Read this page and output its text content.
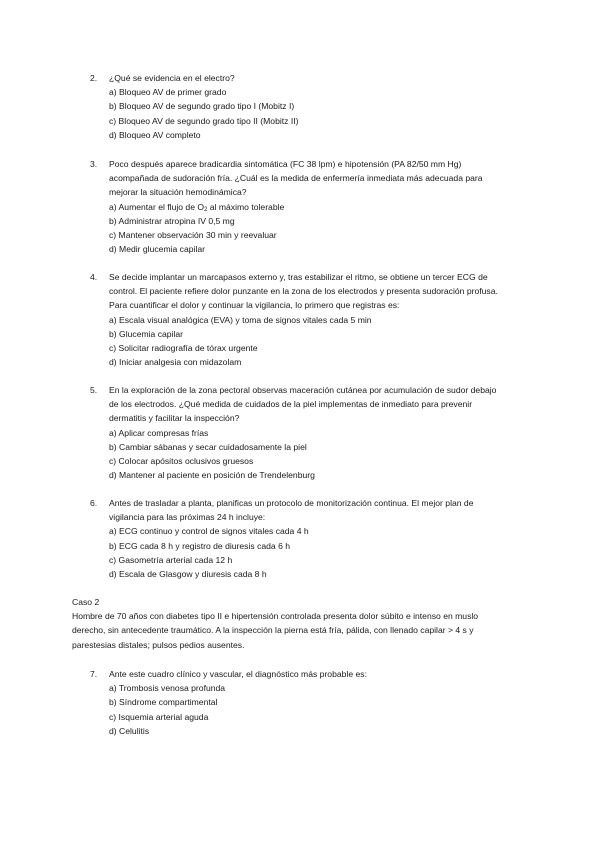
2. ¿Qué se evidencia en el electro?
a) Bloqueo AV de primer grado
b) Bloqueo AV de segundo grado tipo I (Mobitz I)
c) Bloqueo AV de segundo grado tipo II (Mobitz II)
d) Bloqueo AV completo
3. Poco después aparece bradicardia sintomática (FC 38 lpm) e hipotensión (PA 82/50 mm Hg)
acompañada de sudoración fría. ¿Cuál es la medida de enfermería inmediata más adecuada para
mejorar la situación hemodinámica?
a) Aumentar el flujo de $O_2$ al máximo tolerable
b) Administrar atropina IV 0,5 mg
c) Mantener observación 30 min y reevaluar
d) Medir glucemia capilar
4. Se decide implantar un marcapasos externo y, tras estabilizar el ritmo, se obtiene un tercer ECG de
control. El paciente refiere dolor punzante en la zona de los electrodos y presenta sudoración profusa.
Para cuantificar el dolor y continuar la vigilancia, lo primero que registras es:
a) Escala visual analógica (EVA) y toma de signos vitales cada 5 min
b) Glucemia capilar
c) Solicitar radiografía de tórax urgente
d) Iniciar analgesia con midazolam
5. En la exploración de la zona pectoral observas maceración cutánea por acumulación de sudor debajo
de los electrodos. ¿Qué medida de cuidados de la piel implementas de inmediato para prevenir
dermatitis y facilitar la inspección?
a) Aplicar compresas frías
b) Cambiar sábanas y secar cuidadosamente la piel
c) Colocar apósitos oclusivos gruesos
d) Mantener al paciente en posición de Trendelenburg
6. Antes de trasladar a planta, planificas un protocolo de monitorización continua. El mejor plan de
vigilancia para las próximas 24 h incluye:
a) ECG continuo y control de signos vitales cada 4 h
b) ECG cada 8 h y registro de diuresis cada 6 h
c) Gasometría arterial cada 12 h
d) Escala de Glasgow y diuresis cada 8 h
Caso 2
Hombre de 70 años con diabetes tipo II e hipertensión controlada presenta dolor súbito e intenso en muslo
derecho, sin antecedente traumático. A la inspección la pierna está fría, pálida, con llenado capilar > 4 s y
parestesias distales; pulsos pedios ausentes.
7. Ante este cuadro clínico y vascular, el diagnóstico más probable es:
a) Trombosis venosa profunda
b) Síndrome compartimental
c) Isquemia arterial aguda
d) Celulitis
